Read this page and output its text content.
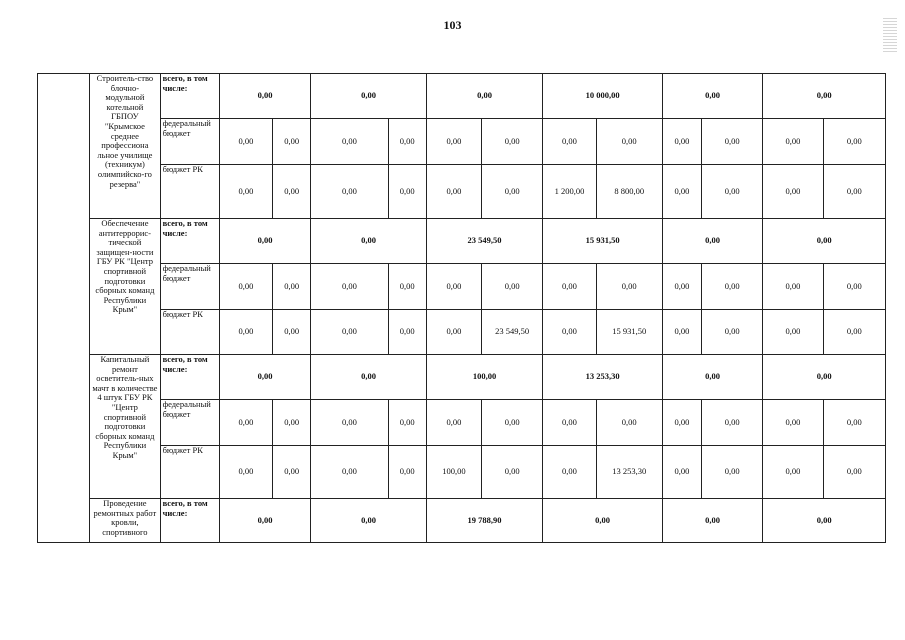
103
	Строитель-ство блочно-модульной котельной ГБПОУ "Крымское среднее профессиона льное училище (техникум) олимпийско-го резерва"	всего, в том числе:	0,00		0,00		0,00		10 000,00		0,00		0,00	
		федеральный бюджет	0,00	0,00	0,00	0,00	0,00	0,00	0,00	0,00	0,00	0,00	0,00	0,00
		бюджет РК	0,00	0,00	0,00	0,00	0,00	0,00	1 200,00	8 800,00	0,00	0,00	0,00	0,00
	Обеспечение антитеррорис-тической защищен-ности ГБУ РК "Центр спортивной подготовки сборных команд Республики Крым"	всего, в том числе:	0,00		0,00		23 549,50		15 931,50		0,00		0,00	
		федеральный бюджет	0,00	0,00	0,00	0,00	0,00	0,00	0,00	0,00	0,00	0,00	0,00	0,00
		бюджет РК	0,00	0,00	0,00	0,00	0,00	23 549,50	0,00	15 931,50	0,00	0,00	0,00	0,00
	Капитальный ремонт осветитель-ных мачт в количестве 4 штук ГБУ РК "Центр спортивной подготовки сборных команд Республики Крым"	всего, в том числе:	0,00		0,00		100,00		13 253,30		0,00		0,00	
		федеральный бюджет	0,00	0,00	0,00	0,00	0,00	0,00	0,00	0,00	0,00	0,00	0,00	0,00
		бюджет РК	0,00	0,00	0,00	0,00	100,00	0,00	0,00	13 253,30	0,00	0,00	0,00	0,00
	Проведение ремонтных работ кровли, спортивного	всего, в том числе:	0,00		0,00		19 788,90		0,00		0,00		0,00	
